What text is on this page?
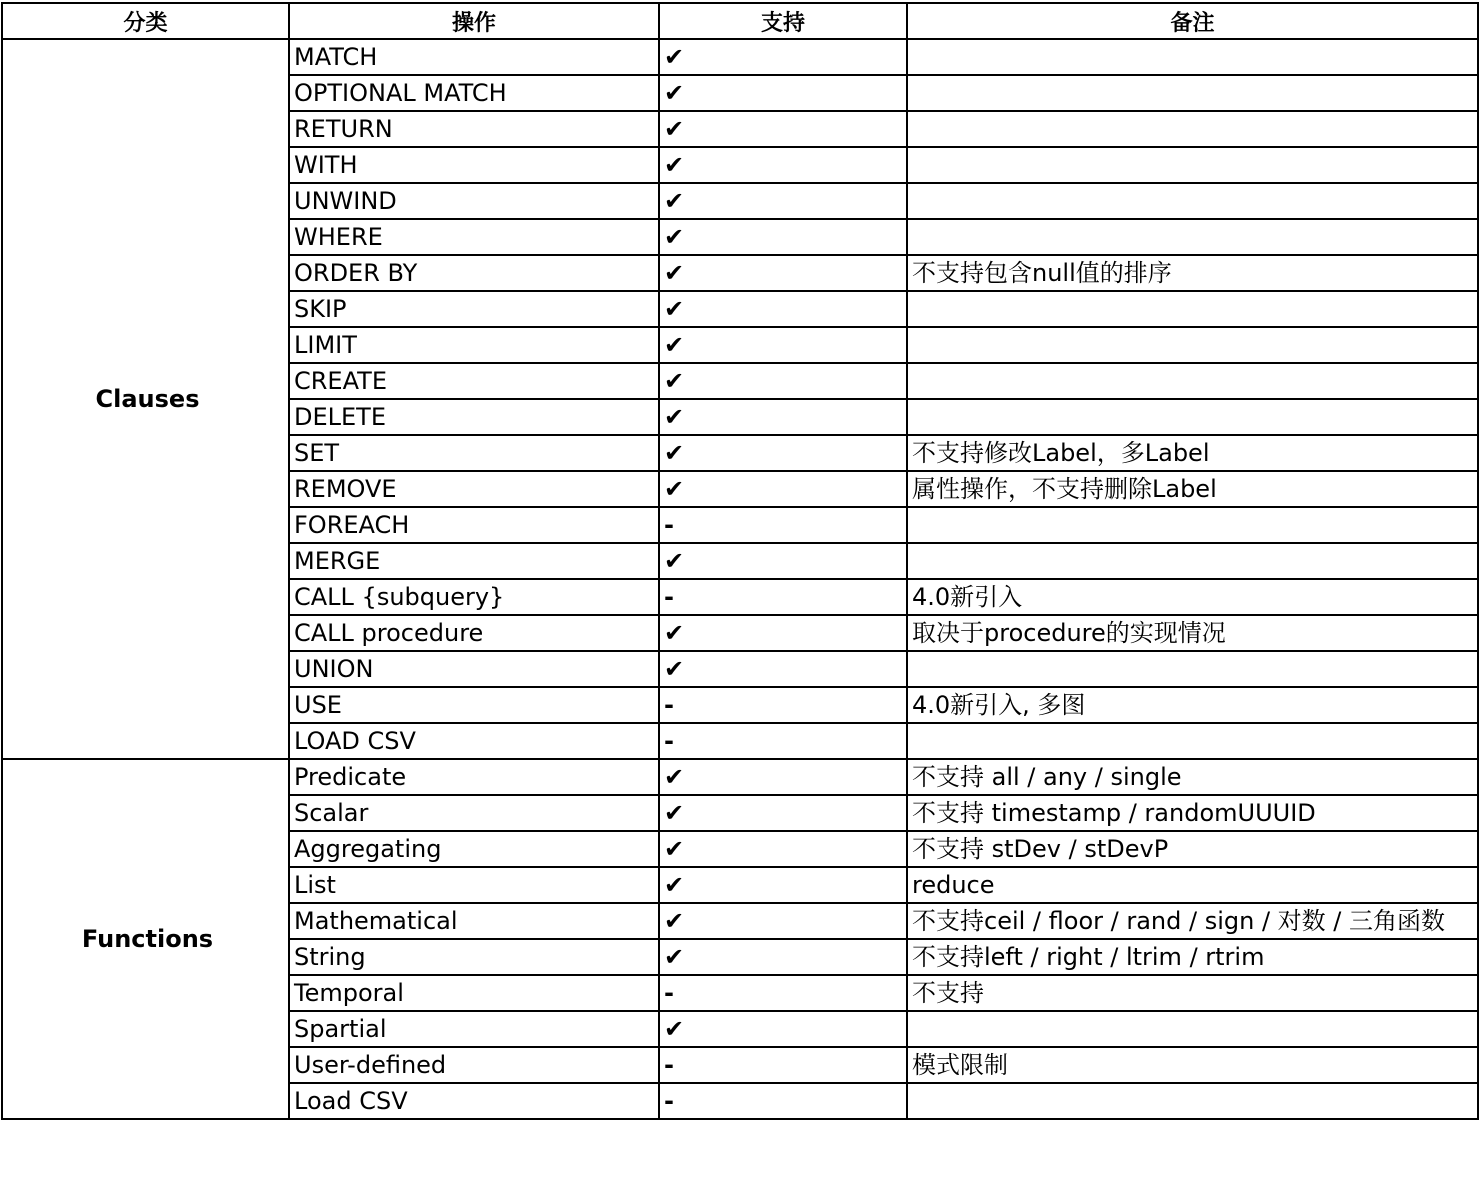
分类	操作	支持	备注
Clauses	MATCH	✔	
	OPTIONAL MATCH	✔	
	RETURN	✔	
	WITH	✔	
	UNWIND	✔	
	WHERE	✔	
	ORDER BY	✔	不支持包含null值的排序
	SKIP	✔	
	LIMIT	✔	
	CREATE	✔	
	DELETE	✔	
	SET	✔	不支持修改Label，多Label
	REMOVE	✔	属性操作，不支持删除Label
	FOREACH	-	
	MERGE	✔	
	CALL {subquery}	-	4.0新引入
	CALL procedure	✔	取决于procedure的实现情况
	UNION	✔	
	USE	-	4.0新引入, 多图
	LOAD CSV	-	
Functions	Predicate	✔	不支持 all / any / single
	Scalar	✔	不支持 timestamp / randomUUUID
	Aggregating	✔	不支持 stDev / stDevP
	List	✔	reduce
	Mathematical	✔	不支持ceil / floor / rand / sign / 对数 / 三角函数
	String	✔	不支持left / right / ltrim / rtrim
	Temporal	-	不支持
	Spartial	✔	
	User-defined	-	模式限制
	Load CSV	-	
